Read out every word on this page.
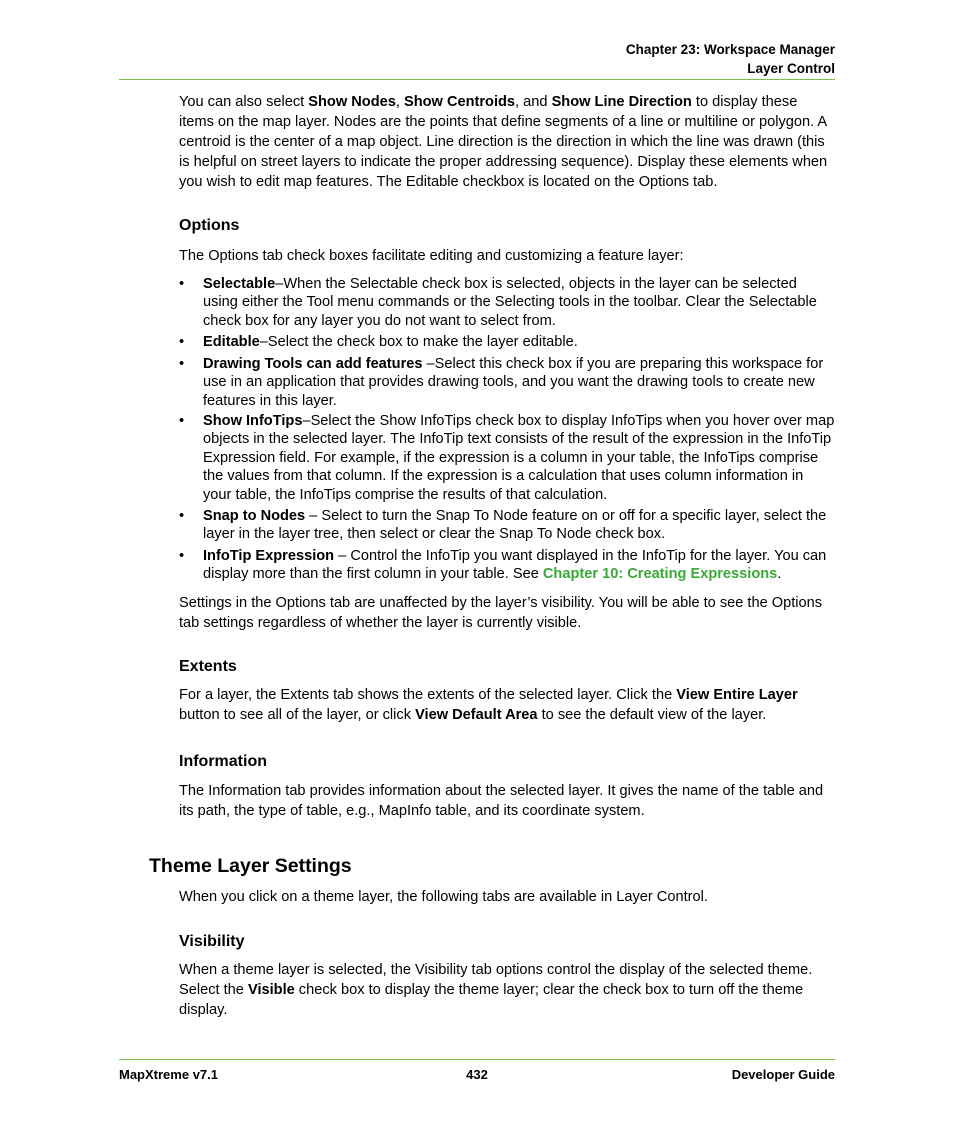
Chapter 23: Workspace Manager
Layer Control
You can also select Show Nodes, Show Centroids, and Show Line Direction to display these items on the map layer. Nodes are the points that define segments of a line or multiline or polygon. A centroid is the center of a map object. Line direction is the direction in which the line was drawn (this is helpful on street layers to indicate the proper addressing sequence). Display these elements when you wish to edit map features. The Editable checkbox is located on the Options tab.
Options
The Options tab check boxes facilitate editing and customizing a feature layer:
• Selectable–When the Selectable check box is selected, objects in the layer can be selected using either the Tool menu commands or the Selecting tools in the toolbar. Clear the Selectable check box for any layer you do not want to select from.
• Editable–Select the check box to make the layer editable.
• Drawing Tools can add features –Select this check box if you are preparing this workspace for use in an application that provides drawing tools, and you want the drawing tools to create new features in this layer.
• Show InfoTips–Select the Show InfoTips check box to display InfoTips when you hover over map objects in the selected layer. The InfoTip text consists of the result of the expression in the InfoTip Expression field. For example, if the expression is a column in your table, the InfoTips comprise the values from that column. If the expression is a calculation that uses column information in your table, the InfoTips comprise the results of that calculation.
• Snap to Nodes – Select to turn the Snap To Node feature on or off for a specific layer, select the layer in the layer tree, then select or clear the Snap To Node check box.
• InfoTip Expression – Control the InfoTip you want displayed in the InfoTip for the layer. You can display more than the first column in your table. See Chapter 10: Creating Expressions.
Settings in the Options tab are unaffected by the layer’s visibility. You will be able to see the Options tab settings regardless of whether the layer is currently visible.
Extents
For a layer, the Extents tab shows the extents of the selected layer. Click the View Entire Layer button to see all of the layer, or click View Default Area to see the default view of the layer.
Information
The Information tab provides information about the selected layer. It gives the name of the table and its path, the type of table, e.g., MapInfo table, and its coordinate system.
Theme Layer Settings
When you click on a theme layer, the following tabs are available in Layer Control.
Visibility
When a theme layer is selected, the Visibility tab options control the display of the selected theme. Select the Visible check box to display the theme layer; clear the check box to turn off the theme display.
MapXtreme v7.1	432	Developer Guide
